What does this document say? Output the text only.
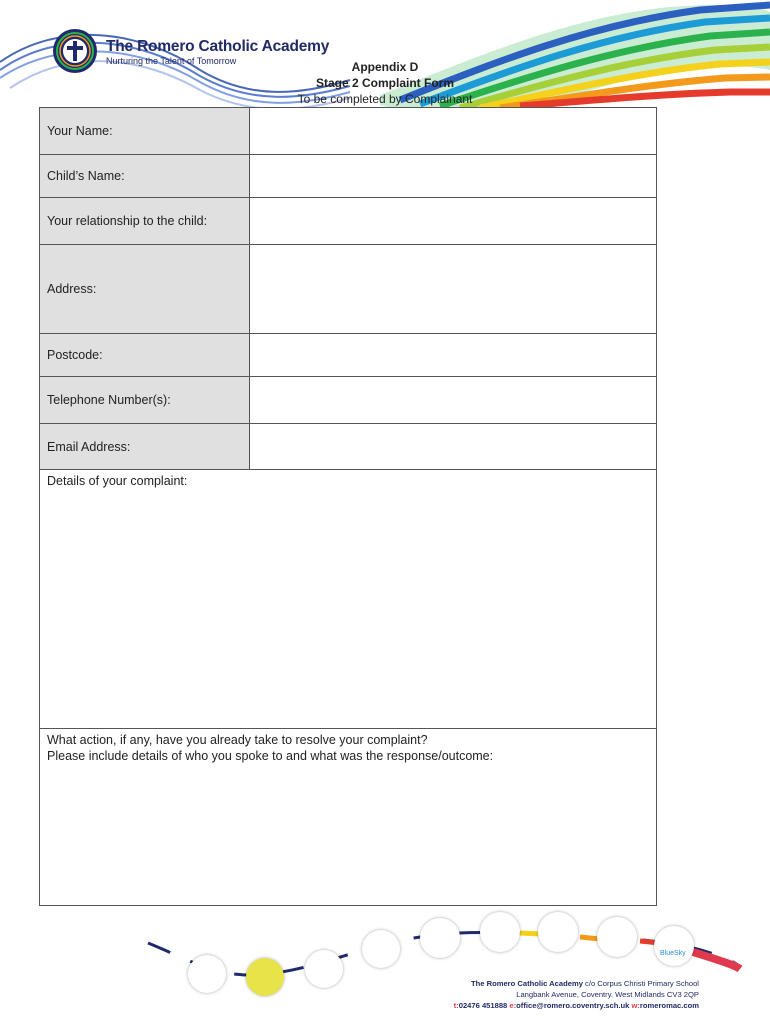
The Romero Catholic Academy
Nurturing the Talent of Tomorrow	Appendix D
Stage 2 Complaint Form
To be completed by Complainant
Your Name:	
Child’s Name:	
Your relationship to the child:	
Address:	
Postcode:	
Telephone Number(s):	
Email Address:	
Details of your complaint:	

What action, if any, have you already take to resolve your complaint?
Please include details of who you spoke to and what was the response/outcome:	
BlueSky
The Romero Catholic Academy c/o Corpus Christi Primary School
Langbank Avenue, Coventry. West Midlands CV3 2QP
t:02476 451888 e:office@romero.coventry.sch.uk w:romeromac.com
